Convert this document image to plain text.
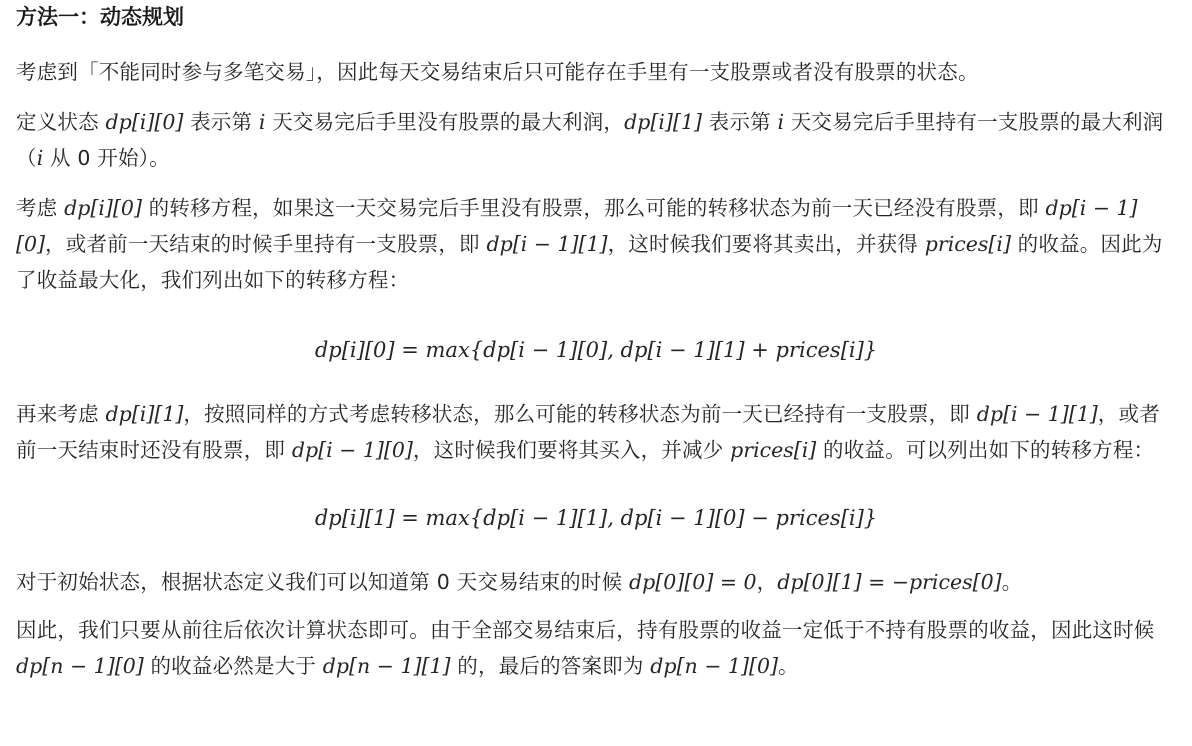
方法一：动态规划

考虑到「不能同时参与多笔交易」，因此每天交易结束后只可能存在手里有一支股票或者没有股票的状态。

定义状态 dp[i][0] 表示第 i 天交易完后手里没有股票的最大利润，dp[i][1] 表示第 i 天交易完后手里持有一支股票的最大利润（i 从 0 开始）。

考虑 dp[i][0] 的转移方程，如果这一天交易完后手里没有股票，那么可能的转移状态为前一天已经没有股票，即 dp[i − 1][0]，或者前一天结束的时候手里持有一支股票，即 dp[i − 1][1]，这时候我们要将其卖出，并获得 prices[i] 的收益。因此为了收益最大化，我们列出如下的转移方程：

dp[i][0] = max{dp[i − 1][0], dp[i − 1][1] + prices[i]}

再来考虑 dp[i][1]，按照同样的方式考虑转移状态，那么可能的转移状态为前一天已经持有一支股票，即 dp[i − 1][1]，或者前一天结束时还没有股票，即 dp[i − 1][0]，这时候我们要将其买入，并减少 prices[i] 的收益。可以列出如下的转移方程：

dp[i][1] = max{dp[i − 1][1], dp[i − 1][0] − prices[i]}

对于初始状态，根据状态定义我们可以知道第 0 天交易结束的时候 dp[0][0] = 0，dp[0][1] = −prices[0]。

因此，我们只要从前往后依次计算状态即可。由于全部交易结束后，持有股票的收益一定低于不持有股票的收益，因此这时候 dp[n − 1][0] 的收益必然是大于 dp[n − 1][1] 的，最后的答案即为 dp[n − 1][0]。
